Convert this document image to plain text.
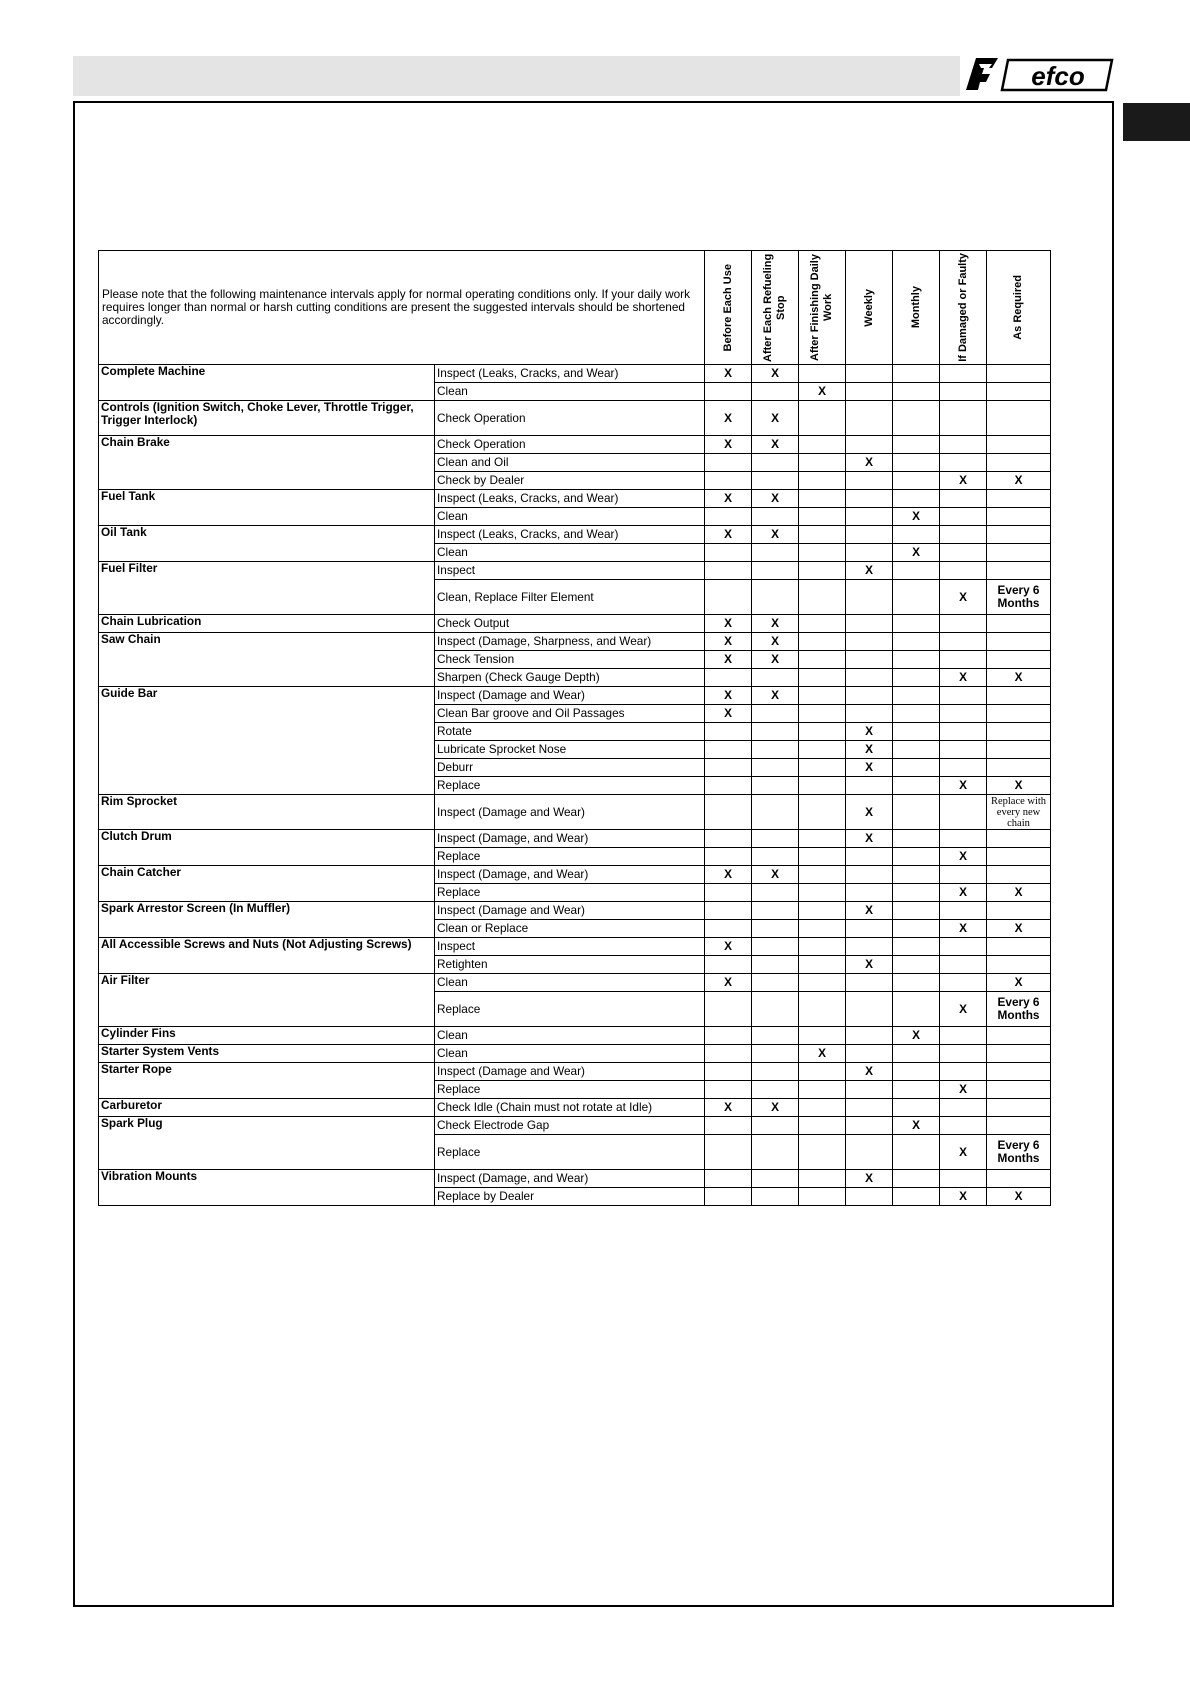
efco
Please note that the following maintenance intervals apply for normal operating conditions only. If your daily work requires longer than normal or harsh cutting conditions are present the suggested intervals should be shortened accordingly.		Before Each Use	After Each Refueling Stop	After Finishing Daily Work	Weekly	Monthly	If Damaged or Faulty	As Required

Complete Machine	Inspect (Leaks, Cracks, and Wear)	X	X					
	Clean			X				
Controls (Ignition Switch, Choke Lever, Throttle Trigger, Trigger Interlock)	Check Operation	X	X					
Chain Brake	Check Operation	X	X					
	Clean and Oil				X			
	Check by Dealer						X	X
Fuel Tank	Inspect (Leaks, Cracks, and Wear)	X	X					
	Clean					X		
Oil Tank	Inspect (Leaks, Cracks, and Wear)	X	X					
	Clean					X		
Fuel Filter	Inspect				X			
	Clean, Replace Filter Element						X	Every 6 Months
Chain Lubrication	Check Output	X	X					
Saw Chain	Inspect (Damage, Sharpness, and Wear)	X	X					
	Check Tension	X	X					
	Sharpen (Check Gauge Depth)						X	X
Guide Bar	Inspect (Damage and Wear)	X	X					
	Clean Bar groove and Oil Passages	X						
	Rotate				X			
	Lubricate Sprocket Nose				X			
	Deburr				X			
	Replace						X	X
Rim Sprocket	Inspect (Damage and Wear)				X			Replace with every new chain
Clutch Drum	Inspect (Damage, and Wear)				X			
	Replace						X	
Chain Catcher	Inspect (Damage, and Wear)	X	X					
	Replace						X	X
Spark Arrestor Screen (In Muffler)	Inspect (Damage and Wear)				X			
	Clean or Replace						X	X
All Accessible Screws and Nuts (Not Adjusting Screws)	Inspect	X						
	Retighten				X			
Air Filter	Clean	X						X
	Replace						X	Every 6 Months
Cylinder Fins	Clean					X		
Starter System Vents	Clean			X				
Starter Rope	Inspect (Damage and Wear)				X			
	Replace						X	
Carburetor	Check Idle (Chain must not rotate at Idle)	X	X					
Spark Plug	Check Electrode Gap					X		
	Replace						X	Every 6 Months
Vibration Mounts	Inspect (Damage, and Wear)				X			
	Replace by Dealer						X	X
